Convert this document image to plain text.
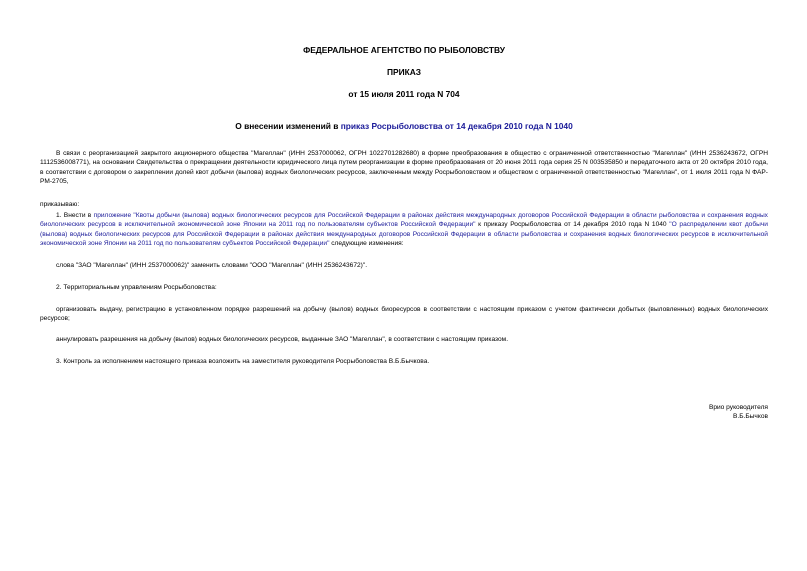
ФЕДЕРАЛЬНОЕ АГЕНТСТВО ПО РЫБОЛОВСТВУ
ПРИКАЗ
от 15 июля 2011 года N 704
О внесении изменений в приказ Росрыболовства от 14 декабря 2010 года N 1040
В связи с реорганизацией закрытого акционерного общества "Магеллан" (ИНН 2537000062, ОГРН 1022701282680) в форме преобразования в общество с ограниченной ответственностью "Магеллан" (ИНН 2536243672, ОГРН 1112536008771), на основании Свидетельства о прекращении деятельности юридического лица путем реорганизации в форме преобразования от 20 июня 2011 года серия 25 N 003535850 и передаточного акта от 20 октября 2010 года, в соответствии с договором о закреплении долей квот добычи (вылова) водных биологических ресурсов, заключенным между Росрыболовством и обществом с ограниченной ответственностью "Магеллан", от 1 июля 2011 года N ФАР-РМ-2705,
приказываю:
1. Внести в приложение "Квоты добычи (вылова) водных биологических ресурсов для Российской Федерации в районах действия международных договоров Российской Федерации в области рыболовства и сохранения водных биологических ресурсов в исключительной экономической зоне Японии на 2011 год по пользователям субъектов Российской Федерации" к приказу Росрыболовства от 14 декабря 2010 года N 1040 "О распределении квот добычи (вылова) водных биологических ресурсов для Российской Федерации в районах действия международных договоров Российской Федерации в области рыболовства и сохранения водных биологических ресурсов в исключительной экономической зоне Японии на 2011 год по пользователям субъектов Российской Федерации" следующие изменения:
слова "ЗАО "Магеллан" (ИНН 2537000062)" заменить словами "ООО "Магеллан" (ИНН 2536243672)".
2. Территориальным управлениям Росрыболовства:
организовать выдачу, регистрацию в установленном порядке разрешений на добычу (вылов) водных биоресурсов в соответствии с настоящим приказом с учетом фактически добытых (выловленных) водных биологических ресурсов;
аннулировать разрешения на добычу (вылов) водных биологических ресурсов, выданные ЗАО "Магеллан", в соответствии с настоящим приказом.
3. Контроль за исполнением настоящего приказа возложить на заместителя руководителя Росрыболовства В.Б.Бычкова.
Врио руководителя
В.Б.Бычков
